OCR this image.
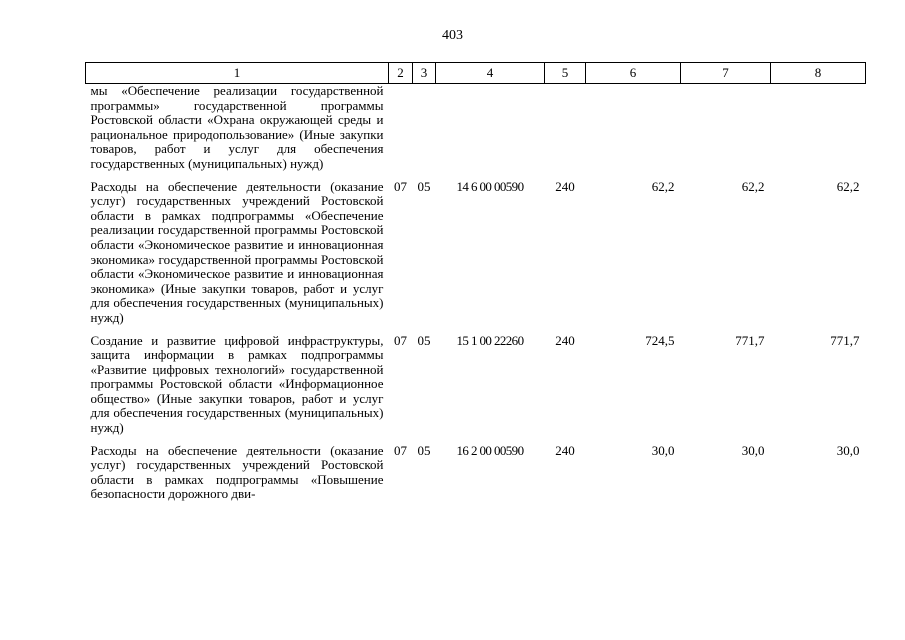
403
1	2	3	4	5	6	7	8
мы «Обеспечение реализации государственной программы» государственной программы Ростовской области «Охрана окружающей среды и рациональное природопользование» (Иные закупки товаров, работ и услуг для обеспечения государственных (муниципальных) нужд)							
Расходы на обеспечение деятельности (оказание услуг) государственных учреждений Ростовской области в рамках подпрограммы «Обеспечение реализации государственной программы Ростовской области «Экономическое развитие и инновационная экономика» государственной программы Ростовской области «Экономическое развитие и инновационная экономика» (Иные закупки товаров, работ и услуг для обеспечения государственных (муниципальных) нужд)	07	05	14 6 00 00590	240	62,2	62,2	62,2
Создание и развитие цифровой инфраструктуры, защита информации в рамках подпрограммы «Развитие цифровых технологий» государственной программы Ростовской области «Информационное общество» (Иные закупки товаров, работ и услуг для обеспечения государственных (муниципальных) нужд)	07	05	15 1 00 22260	240	724,5	771,7	771,7
Расходы на обеспечение деятельности (оказание услуг) государственных учреждений Ростовской области в рамках подпрограммы «Повышение безопасности дорожного дви-	07	05	16 2 00 00590	240	30,0	30,0	30,0
